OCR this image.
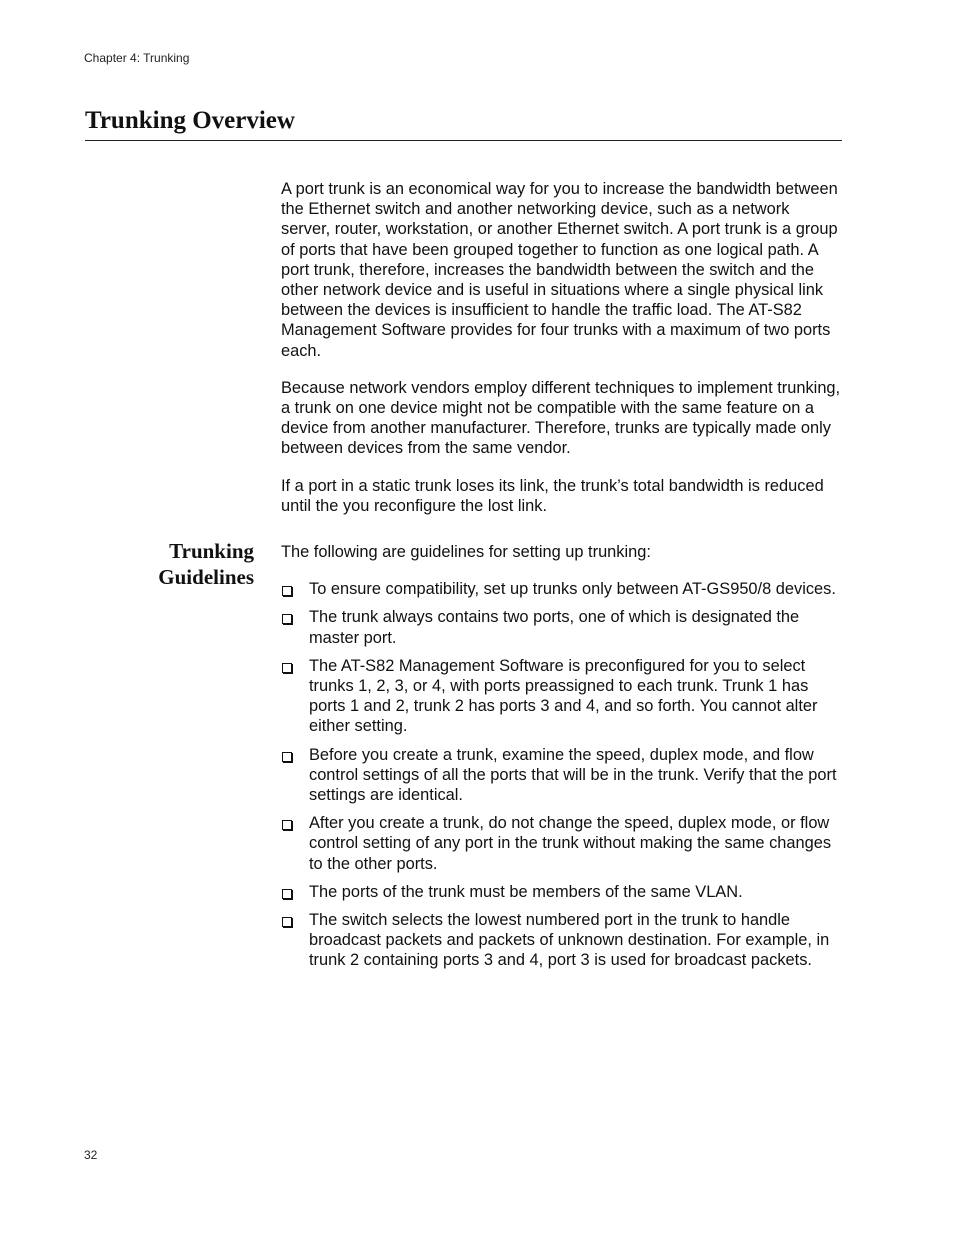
Chapter 4: Trunking
Trunking Overview

A port trunk is an economical way for you to increase the bandwidth between the Ethernet switch and another networking device, such as a network server, router, workstation, or another Ethernet switch. A port trunk is a group of ports that have been grouped together to function as one logical path. A port trunk, therefore, increases the bandwidth between the switch and the other network device and is useful in situations where a single physical link between the devices is insufficient to handle the traffic load. The AT-S82 Management Software provides for four trunks with a maximum of two ports each.

Because network vendors employ different techniques to implement trunking, a trunk on one device might not be compatible with the same feature on a device from another manufacturer. Therefore, trunks are typically made only between devices from the same vendor.

If a port in a static trunk loses its link, the trunk’s total bandwidth is reduced until the you reconfigure the lost link.

Trunking
Guidelines

The following are guidelines for setting up trunking:

To ensure compatibility, set up trunks only between AT-GS950/8 devices.
The trunk always contains two ports, one of which is designated the master port.
The AT-S82 Management Software is preconfigured for you to select trunks 1, 2, 3, or 4, with ports preassigned to each trunk. Trunk 1 has ports 1 and 2, trunk 2 has ports 3 and 4, and so forth. You cannot alter either setting.
Before you create a trunk, examine the speed, duplex mode, and flow control settings of all the ports that will be in the trunk. Verify that the port settings are identical.
After you create a trunk, do not change the speed, duplex mode, or flow control setting of any port in the trunk without making the same changes to the other ports.
The ports of the trunk must be members of the same VLAN.
The switch selects the lowest numbered port in the trunk to handle broadcast packets and packets of unknown destination. For example, in trunk 2 containing ports 3 and 4, port 3 is used for broadcast packets.
32
